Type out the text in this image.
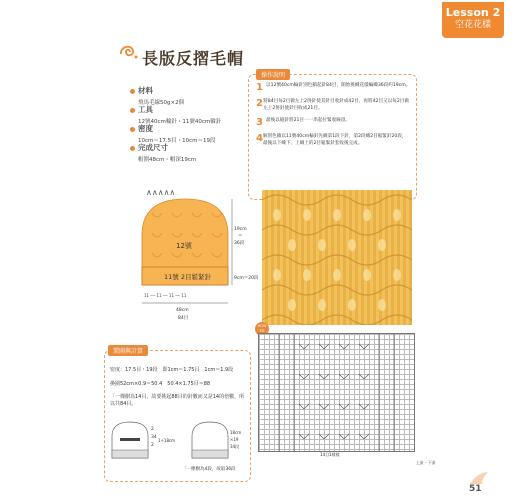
Lesson 2
空花花樣
長版反摺毛帽
材料
飛馬毛線50g×2個
工具
12號40cm輪針・11號40cm輪針
密度
10cm＝17.5目・10cm＝19段
完成尺寸
帽圍48cm・帽深19cm
∧∧∧∧∧
12號
11號 2目鬆緊針
11 ── 11 ── 11 ── 11
19cm
＝
36段
9cm＝20段
48cm
84目
操作說明
1 以12號40cm輪針別色鎖起針84目，開始挑織花樣編織36段約19cm。
2 將84目每2目做左上2併針使其針目收針成42目，再將42目又以每2目做左上2併針使針目收成21目。
3 最後以縫針將21目一一串起拉緊收線頂。
4 解別色鎖以11號40cm輪針先織第1段下針，第2段織2目鬆緊針20段，最後以下織下、上織上的2目鬆緊針套收後完成。
製圖與計算
密度：17.5目・19段　即1cm＝1.75目　1cm＝1.9段
換圍52cm×0.9＝50.4　50.4×1.75目＝88
「一棵樹為14目，故要挑起88目的針數而又是14的倍數，所以共84目。
2
34
2
1÷18cm
18cm
×19
34段
「一棵樹為4段，故取36段
HOW TO
14目1樣樣
上針・下針
51
